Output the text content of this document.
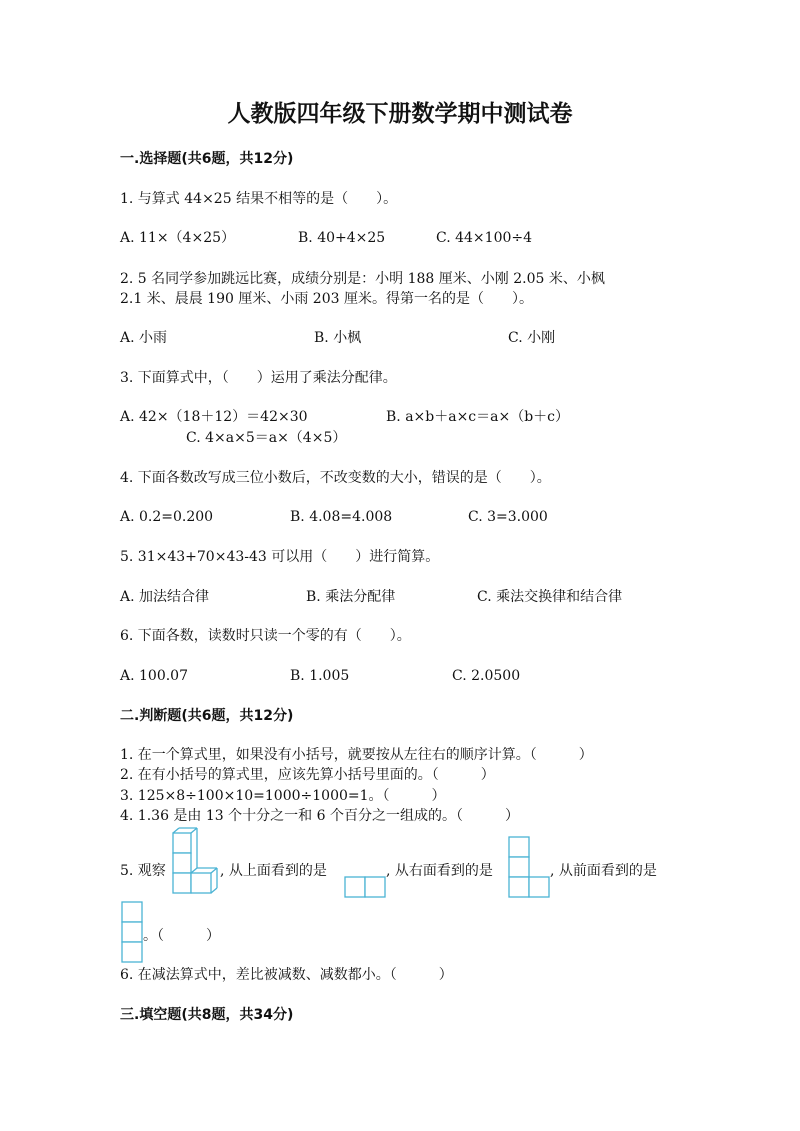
人教版四年级下册数学期中测试卷
一.选择题(共6题，共12分)
1. 与算式 44×25 结果不相等的是（　　）。
A. 11×（4×25）	B. 40+4×25	C. 44×100÷4
2. 5 名同学参加跳远比赛，成绩分别是：小明 188 厘米、小刚 2.05 米、小枫
2.1 米、晨晨 190 厘米、小雨 203 厘米。得第一名的是（　　）。
A. 小雨	B. 小枫	C. 小刚
3. 下面算式中，（　　）运用了乘法分配律。
A. 42×（18＋12）＝42×30	B. a×b＋a×c＝a×（b＋c）
C. 4×a×5＝a×（4×5）
4. 下面各数改写成三位小数后，不改变数的大小，错误的是（　　）。
A. 0.2=0.200	B. 4.08=4.008	C. 3=3.000
5. 31×43+70×43-43 可以用（　　）进行简算。
A. 加法结合律	B. 乘法分配律	C. 乘法交换律和结合律
6. 下面各数，读数时只读一个零的有（　　）。
A. 100.07	B. 1.005	C. 2.0500
二.判断题(共6题，共12分)
1. 在一个算式里，如果没有小括号，就要按从左往右的顺序计算。（　　　）
2. 在有小括号的算式里，应该先算小括号里面的。（　　　）
3. 125×8÷100×10=1000÷1000=1。（　　　）
4. 1.36 是由 13 个十分之一和 6 个百分之一组成的。（　　　）
5. 观察	, 从上面看到的是	, 从右面看到的是	, 从前面看到的是
。（　　　）
6. 在减法算式中，差比被减数、减数都小。（　　　）
三.填空题(共8题，共34分)
